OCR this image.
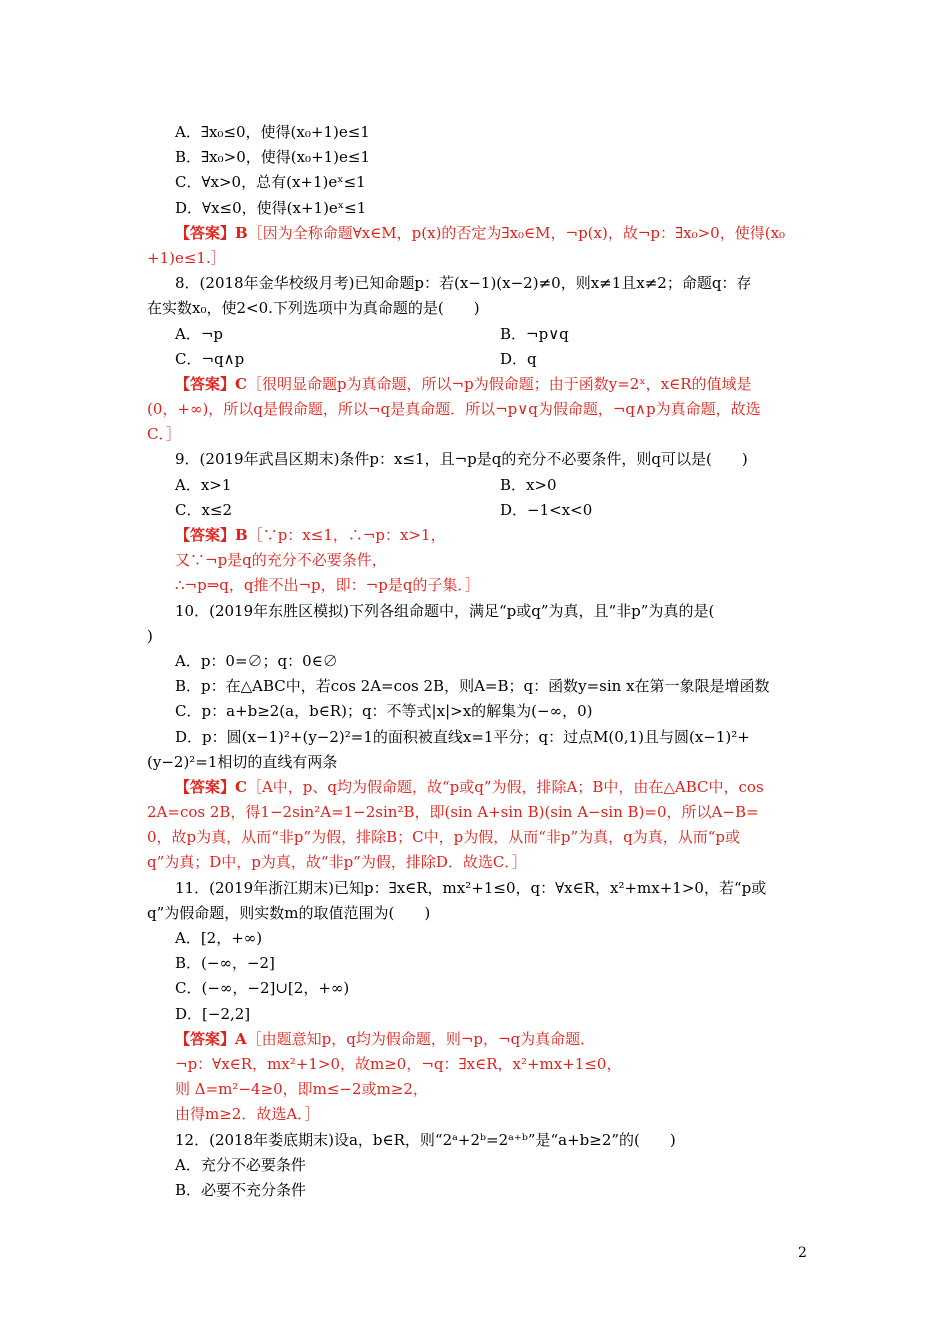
A．∃x₀≤0，使得(x₀+1)e≤1
B．∃x₀>0，使得(x₀+1)e≤1
C．∀x>0，总有(x+1)eˣ≤1
D．∀x≤0，使得(x+1)eˣ≤1
【答案】B［因为全称命题∀x∈M，p(x)的否定为∃x₀∈M，¬p(x)，故¬p：∃x₀>0，使得(x₀
+1)e≤1.］
8．(2018年金华校级月考)已知命题p：若(x−1)(x−2)≠0，则x≠1且x≠2；命题q：存
在实数x₀，使2<0.下列选项中为真命题的是(　　)
A．¬p	B．¬p∨q
C．¬q∧p	D．q
【答案】C［很明显命题p为真命题，所以¬p为假命题；由于函数y=2ˣ，x∈R的值域是
(0，+∞)，所以q是假命题，所以¬q是真命题．所以¬p∨q为假命题，¬q∧p为真命题，故选
C．］
9．(2019年武昌区期末)条件p：x≤1，且¬p是q的充分不必要条件，则q可以是(　　)
A．x>1	B．x>0
C．x≤2	D．−1<x<0
【答案】B［∵p：x≤1，∴¬p：x>1，
又∵¬p是q的充分不必要条件，
∴¬p⇒q，q推不出¬p，即：¬p是q的子集．］
10．(2019年东胜区模拟)下列各组命题中，满足“p或q”为真，且“非p”为真的是(
)
A．p：0=∅；q：0∈∅
B．p：在△ABC中，若cos 2A=cos 2B，则A=B；q：函数y=sin x在第一象限是增函数
C．p：a+b≥2(a，b∈R)；q：不等式|x|>x的解集为(−∞，0)
D．p：圆(x−1)²+(y−2)²=1的面积被直线x=1平分；q：过点M(0,1)且与圆(x−1)²+
(y−2)²=1相切的直线有两条
【答案】C［A中，p、q均为假命题，故“p或q”为假，排除A；B中，由在△ABC中，cos
2A=cos 2B，得1−2sin²A=1−2sin²B，即(sin A+sin B)(sin A−sin B)=0，所以A−B=
0，故p为真，从而“非p”为假，排除B；C中，p为假，从而“非p”为真，q为真，从而“p或
q”为真；D中，p为真，故“非p”为假，排除D．故选C．］
11．(2019年浙江期末)已知p：∃x∈R，mx²+1≤0，q：∀x∈R，x²+mx+1>0，若“p或
q”为假命题，则实数m的取值范围为(　　)
A．[2，+∞)
B．(−∞，−2]
C．(−∞，−2]∪[2，+∞)
D．[−2,2]
【答案】A［由题意知p，q均为假命题，则¬p，¬q为真命题．
¬p：∀x∈R，mx²+1>0，故m≥0，¬q：∃x∈R，x²+mx+1≤0，
则 Δ=m²−4≥0，即m≤−2或m≥2，
由得m≥2．故选A．］
12．(2018年娄底期末)设a，b∈R，则“2ᵃ+2ᵇ=2ᵃ⁺ᵇ”是“a+b≥2”的(　　)
A．充分不必要条件
B．必要不充分条件
2
